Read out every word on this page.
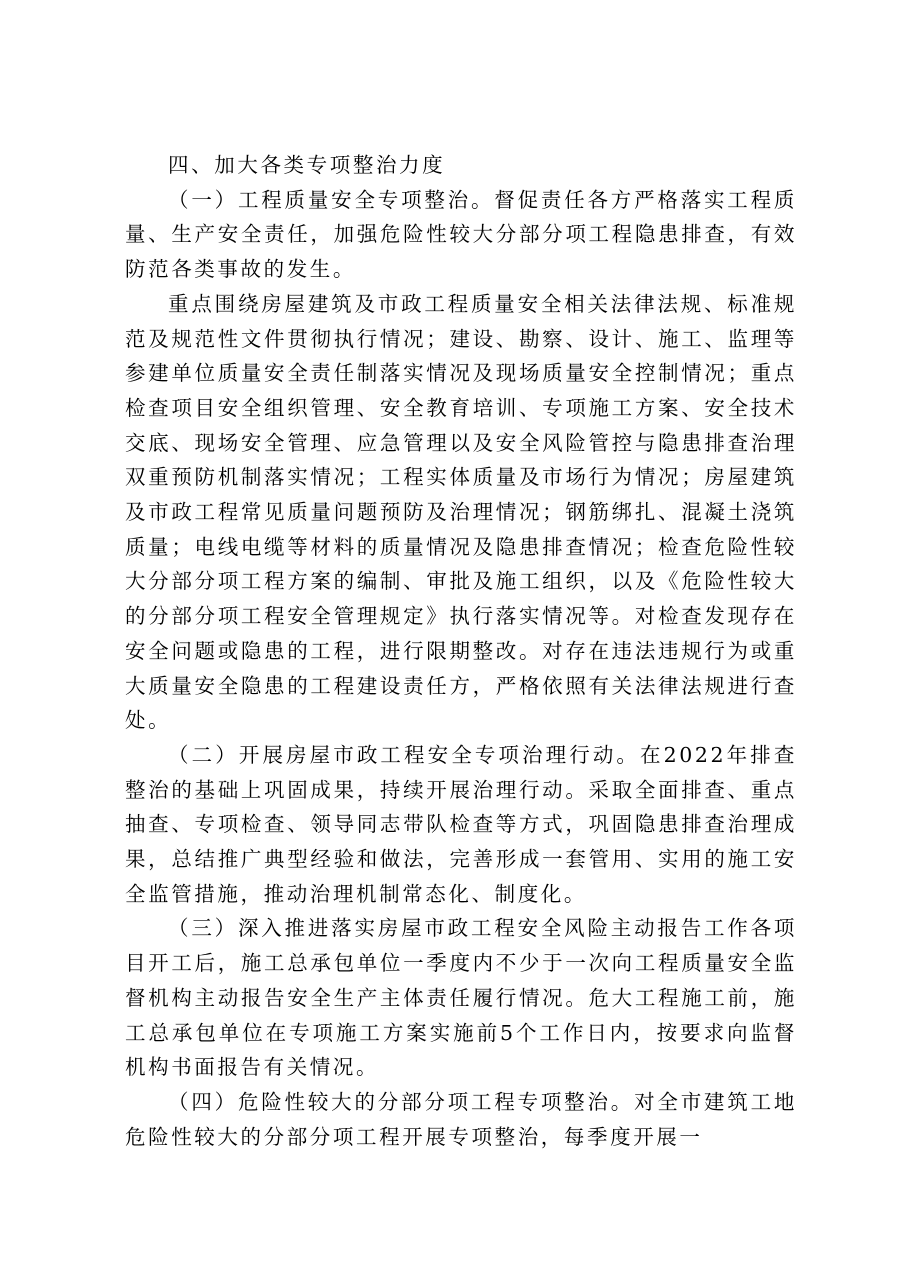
四、加大各类专项整治力度

（一）工程质量安全专项整治。督促责任各方严格落实工程质量、生产安全责任，加强危险性较大分部分项工程隐患排查，有效防范各类事故的发生。

重点围绕房屋建筑及市政工程质量安全相关法律法规、标准规范及规范性文件贯彻执行情况；建设、勘察、设计、施工、监理等参建单位质量安全责任制落实情况及现场质量安全控制情况；重点检查项目安全组织管理、安全教育培训、专项施工方案、安全技术交底、现场安全管理、应急管理以及安全风险管控与隐患排查治理双重预防机制落实情况；工程实体质量及市场行为情况；房屋建筑及市政工程常见质量问题预防及治理情况；钢筋绑扎、混凝土浇筑质量；电线电缆等材料的质量情况及隐患排查情况；检查危险性较大分部分项工程方案的编制、审批及施工组织，以及《危险性较大的分部分项工程安全管理规定》执行落实情况等。对检查发现存在安全问题或隐患的工程，进行限期整改。对存在违法违规行为或重大质量安全隐患的工程建设责任方，严格依照有关法律法规进行查处。

（二）开展房屋市政工程安全专项治理行动。在2022年排查整治的基础上巩固成果，持续开展治理行动。采取全面排查、重点抽查、专项检查、领导同志带队检查等方式，巩固隐患排查治理成果，总结推广典型经验和做法，完善形成一套管用、实用的施工安全监管措施，推动治理机制常态化、制度化。

（三）深入推进落实房屋市政工程安全风险主动报告工作各项目开工后，施工总承包单位一季度内不少于一次向工程质量安全监督机构主动报告安全生产主体责任履行情况。危大工程施工前，施工总承包单位在专项施工方案实施前5个工作日内，按要求向监督机构书面报告有关情况。

（四）危险性较大的分部分项工程专项整治。对全市建筑工地危险性较大的分部分项工程开展专项整治，每季度开展一
